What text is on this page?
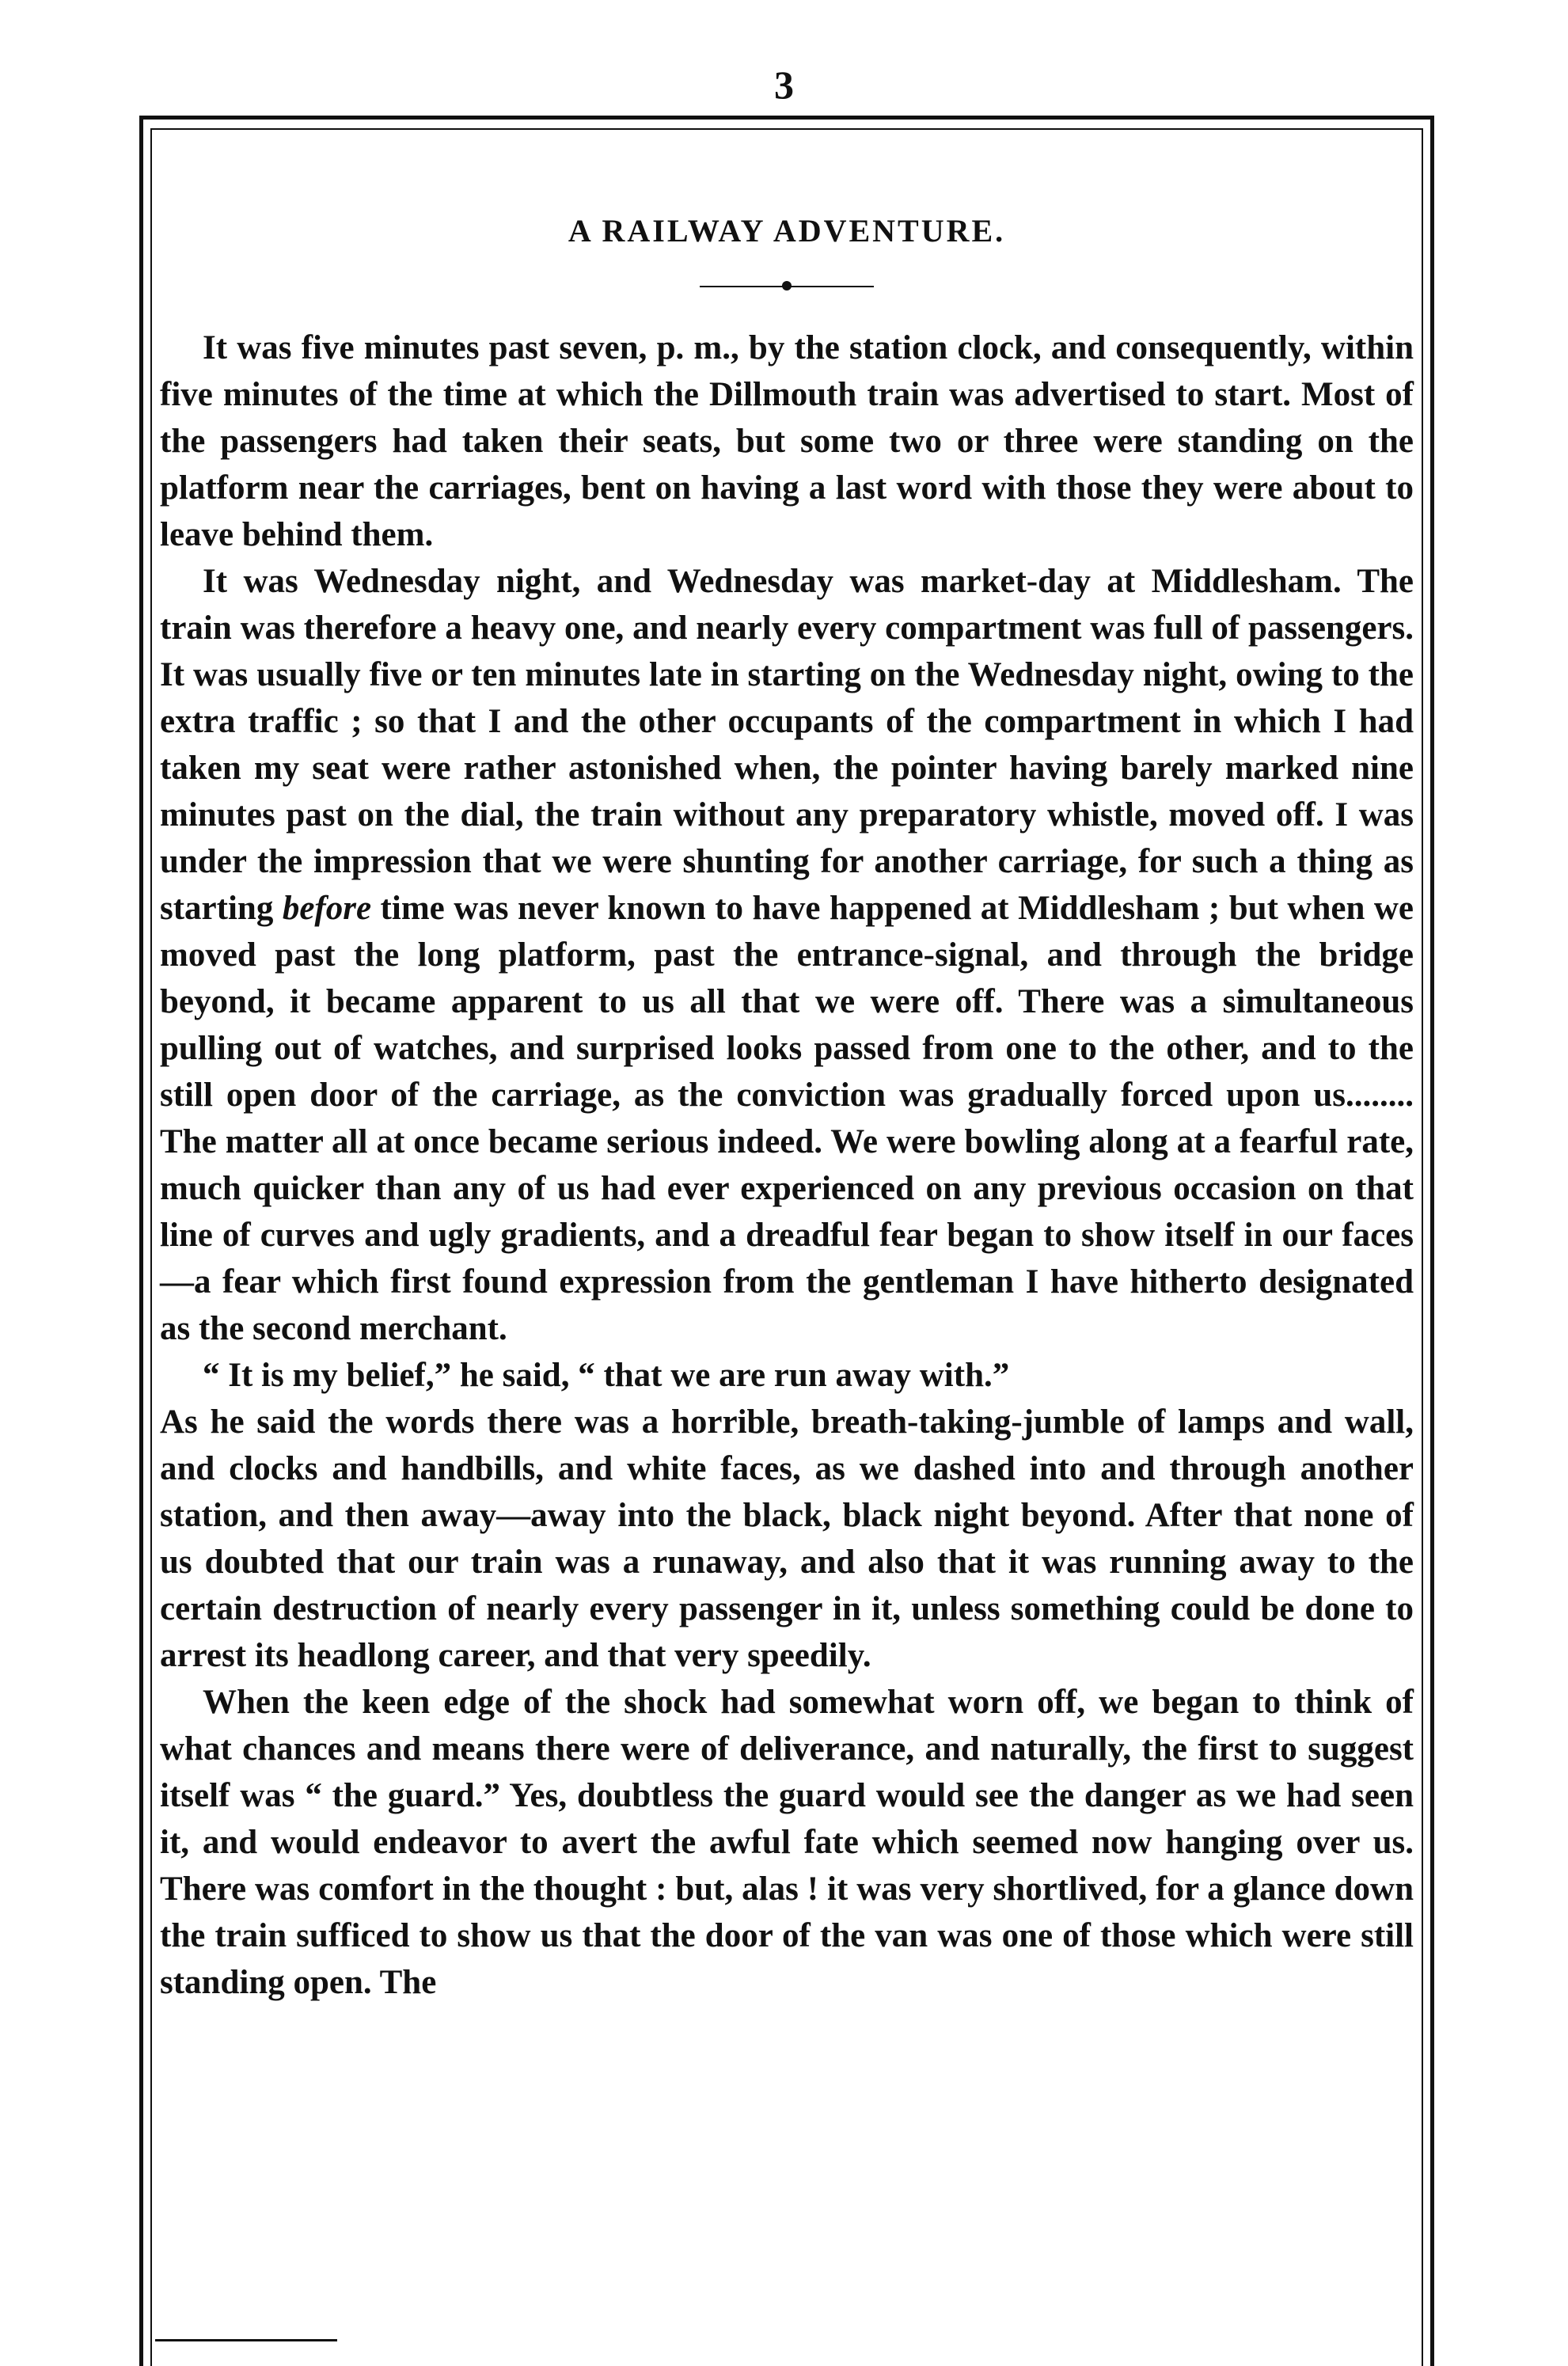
3
A RAILWAY ADVENTURE.

It was five minutes past seven, p. m., by the station clock, and consequently, within five minutes of the time at which the Dillmouth train was advertised to start. Most of the passengers had taken their seats, but some two or three were standing on the platform near the carriages, bent on having a last word with those they were about to leave behind them.

It was Wednesday night, and Wednesday was market-day at Middlesham. The train was therefore a heavy one, and nearly every compartment was full of passengers. It was usually five or ten minutes late in starting on the Wednesday night, owing to the extra traffic ; so that I and the other occupants of the compartment in which I had taken my seat were rather astonished when, the pointer having barely marked nine minutes past on the dial, the train without any preparatory whistle, moved off. I was under the impression that we were shunting for another carriage, for such a thing as starting before time was never known to have happened at Middlesham ; but when we moved past the long platform, past the entrance-signal, and through the bridge beyond, it became apparent to us all that we were off. There was a simultaneous pulling out of watches, and surprised looks passed from one to the other, and to the still open door of the carriage, as the conviction was gradually forced upon us........ The matter all at once became serious indeed. We were bowling along at a fearful rate, much quicker than any of us had ever experienced on any previous occasion on that line of curves and ugly gradients, and a dreadful fear began to show itself in our faces —a fear which first found expression from the gentleman I have hitherto designated as the second merchant.

“ It is my belief,” he said, “ that we are run away with.”

As he said the words there was a horrible, breath-taking-jumble of lamps and wall, and clocks and handbills, and white faces, as we dashed into and through another station, and then away—away into the black, black night beyond. After that none of us doubted that our train was a runaway, and also that it was running away to the certain destruction of nearly every passenger in it, unless something could be done to arrest its headlong career, and that very speedily.

When the keen edge of the shock had somewhat worn off, we began to think of what chances and means there were of deliverance, and naturally, the first to suggest itself was “ the guard.” Yes, doubtless the guard would see the danger as we had seen it, and would endeavor to avert the awful fate which seemed now hanging over us. There was comfort in the thought : but, alas ! it was very shortlived, for a glance down the train sufficed to show us that the door of the van was one of those which were still standing open. The
